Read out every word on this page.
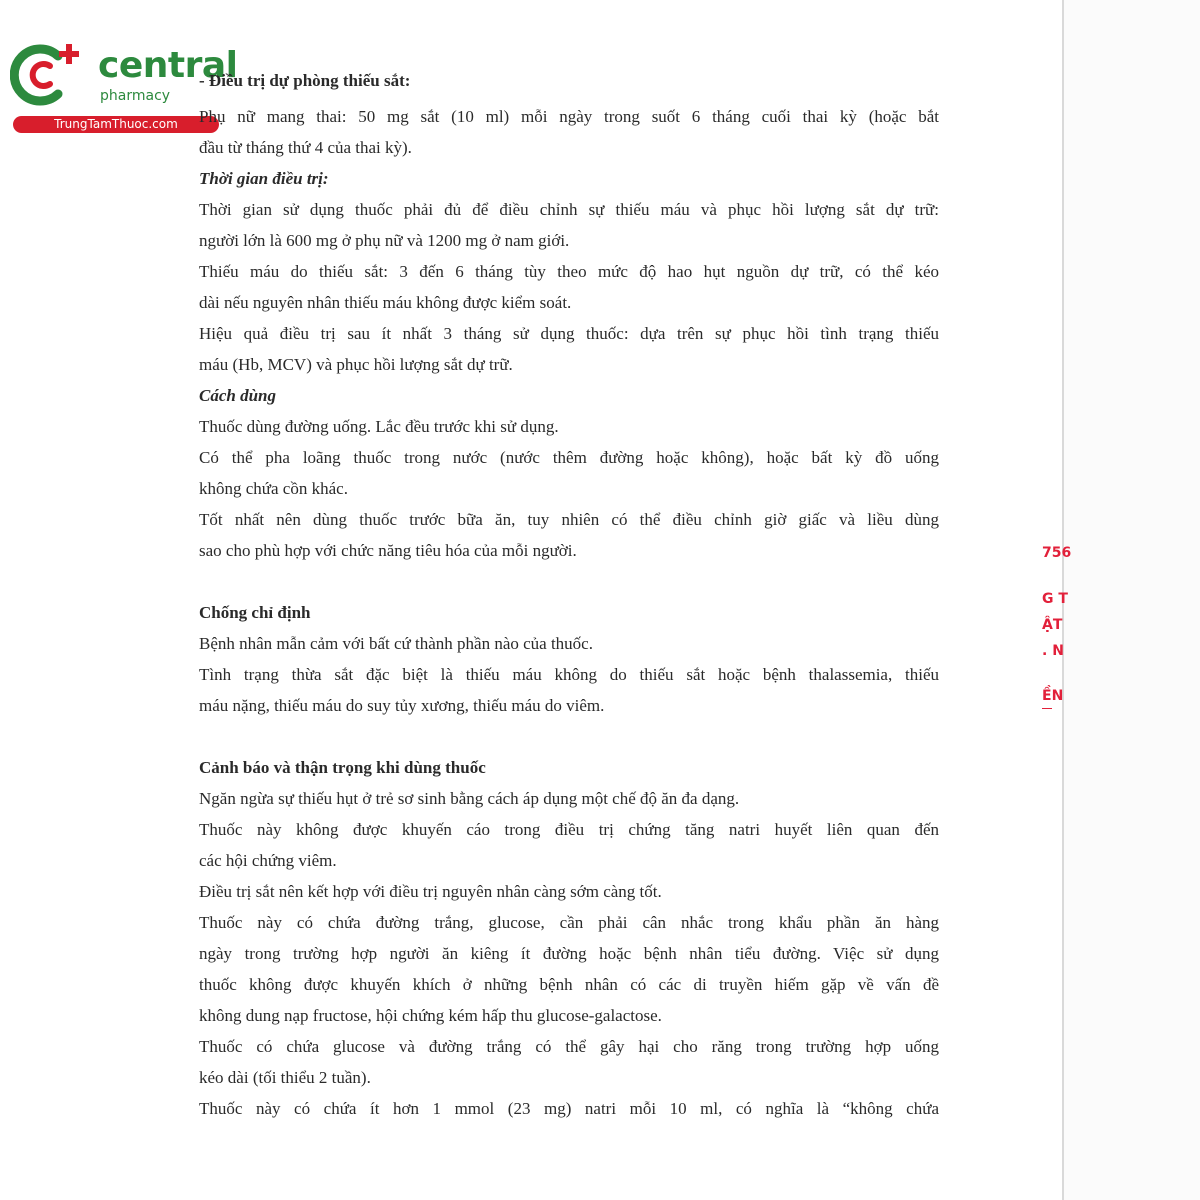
central
pharmacy
TrungTamThuoc.com
756
G T
ẬT
. N
ỀN
- Điều trị dự phòng thiếu sắt:
Phụ nữ mang thai: 50 mg sắt (10 ml) mỗi ngày trong suốt 6 tháng cuối thai kỳ (hoặc bắt
đầu từ tháng thứ 4 của thai kỳ).
Thời gian điều trị:
Thời gian sử dụng thuốc phải đủ để điều chỉnh sự thiếu máu và phục hồi lượng sắt dự trữ:
người lớn là 600 mg ở phụ nữ và 1200 mg ở nam giới.
Thiếu máu do thiếu sắt: 3 đến 6 tháng tùy theo mức độ hao hụt nguồn dự trữ, có thể kéo
dài nếu nguyên nhân thiếu máu không được kiểm soát.
Hiệu quả điều trị sau ít nhất 3 tháng sử dụng thuốc: dựa trên sự phục hồi tình trạng thiếu
máu (Hb, MCV) và phục hồi lượng sắt dự trữ.
Cách dùng
Thuốc dùng đường uống. Lắc đều trước khi sử dụng.
Có thể pha loãng thuốc trong nước (nước thêm đường hoặc không), hoặc bất kỳ đồ uống
không chứa cồn khác.
Tốt nhất nên dùng thuốc trước bữa ăn, tuy nhiên có thể điều chỉnh giờ giấc và liều dùng
sao cho phù hợp với chức năng tiêu hóa của mỗi người.
Chống chỉ định
Bệnh nhân mẫn cảm với bất cứ thành phần nào của thuốc.
Tình trạng thừa sắt đặc biệt là thiếu máu không do thiếu sắt hoặc bệnh thalassemia, thiếu
máu nặng, thiếu máu do suy tủy xương, thiếu máu do viêm.
Cảnh báo và thận trọng khi dùng thuốc
Ngăn ngừa sự thiếu hụt ở trẻ sơ sinh bằng cách áp dụng một chế độ ăn đa dạng.
Thuốc này không được khuyến cáo trong điều trị chứng tăng natri huyết liên quan đến
các hội chứng viêm.
Điều trị sắt nên kết hợp với điều trị nguyên nhân càng sớm càng tốt.
Thuốc này có chứa đường trắng, glucose, cần phải cân nhắc trong khẩu phần ăn hàng
ngày trong trường hợp người ăn kiêng ít đường hoặc bệnh nhân tiểu đường. Việc sử dụng
thuốc không được khuyến khích ở những bệnh nhân có các di truyền hiếm gặp về vấn đề
không dung nạp fructose, hội chứng kém hấp thu glucose-galactose.
Thuốc có chứa glucose và đường trắng có thể gây hại cho răng trong trường hợp uống
kéo dài (tối thiểu 2 tuần).
Thuốc này có chứa ít hơn 1 mmol (23 mg) natri mỗi 10 ml, có nghĩa là “không chứa
